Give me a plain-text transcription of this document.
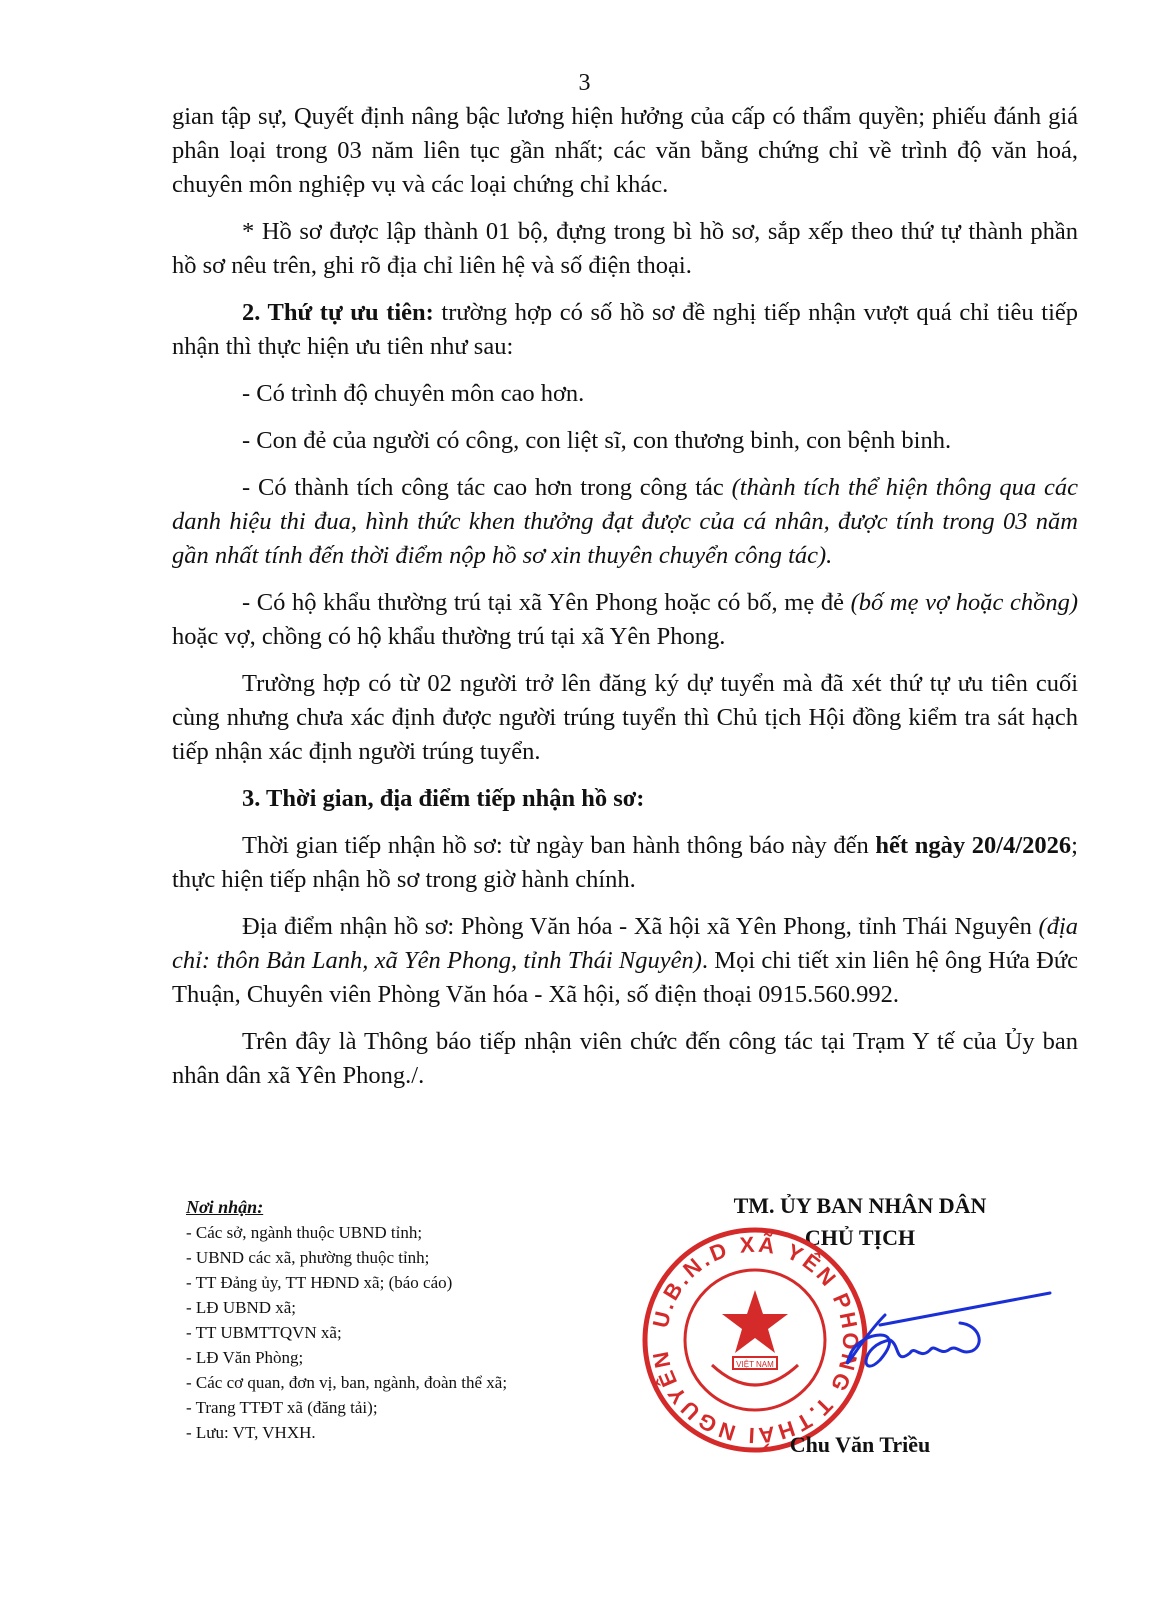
3

gian tập sự, Quyết định nâng bậc lương hiện hưởng của cấp có thẩm quyền; phiếu đánh giá phân loại trong 03 năm liên tục gần nhất; các văn bằng chứng chỉ về trình độ văn hoá, chuyên môn nghiệp vụ và các loại chứng chỉ khác.

* Hồ sơ được lập thành 01 bộ, đựng trong bì hồ sơ, sắp xếp theo thứ tự thành phần hồ sơ nêu trên, ghi rõ địa chỉ liên hệ và số điện thoại.

2. Thứ tự ưu tiên: trường hợp có số hồ sơ đề nghị tiếp nhận vượt quá chỉ tiêu tiếp nhận thì thực hiện ưu tiên như sau:

- Có trình độ chuyên môn cao hơn.

- Con đẻ của người có công, con liệt sĩ, con thương binh, con bệnh binh.

- Có thành tích công tác cao hơn trong công tác (thành tích thể hiện thông qua các danh hiệu thi đua, hình thức khen thưởng đạt được của cá nhân, được tính trong 03 năm gần nhất tính đến thời điểm nộp hồ sơ xin thuyên chuyển công tác).

- Có hộ khẩu thường trú tại xã Yên Phong hoặc có bố, mẹ đẻ (bố mẹ vợ hoặc chồng) hoặc vợ, chồng có hộ khẩu thường trú tại xã Yên Phong.

Trường hợp có từ 02 người trở lên đăng ký dự tuyển mà đã xét thứ tự ưu tiên cuối cùng nhưng chưa xác định được người trúng tuyển thì Chủ tịch Hội đồng kiểm tra sát hạch tiếp nhận xác định người trúng tuyển.

3. Thời gian, địa điểm tiếp nhận hồ sơ:

Thời gian tiếp nhận hồ sơ: từ ngày ban hành thông báo này đến hết ngày 20/4/2026; thực hiện tiếp nhận hồ sơ trong giờ hành chính.

Địa điểm nhận hồ sơ: Phòng Văn hóa - Xã hội xã Yên Phong, tỉnh Thái Nguyên (địa chỉ: thôn Bản Lanh, xã Yên Phong, tỉnh Thái Nguyên). Mọi chi tiết xin liên hệ ông Hứa Đức Thuận, Chuyên viên Phòng Văn hóa - Xã hội, số điện thoại 0915.560.992.

Trên đây là Thông báo tiếp nhận viên chức đến công tác tại Trạm Y tế của Ủy ban nhân dân xã Yên Phong./.

Nơi nhận:
- Các sở, ngành thuộc UBND tỉnh;
- UBND các xã, phường thuộc tỉnh;
- TT Đảng ủy, TT HĐND xã; (báo cáo)
- LĐ UBND xã;
- TT UBMTTQVN xã;
- LĐ Văn Phòng;
- Các cơ quan, đơn vị, ban, ngành, đoàn thể xã;
- Trang TTĐT xã (đăng tải);
- Lưu: VT, VHXH.
TM. ỦY BAN NHÂN DÂN
CHỦ TỊCH
U.B.N.D XÃ YÊN PHONG T.THÁI NGUYÊN	VIỆT NAM
Chu Văn Triều
